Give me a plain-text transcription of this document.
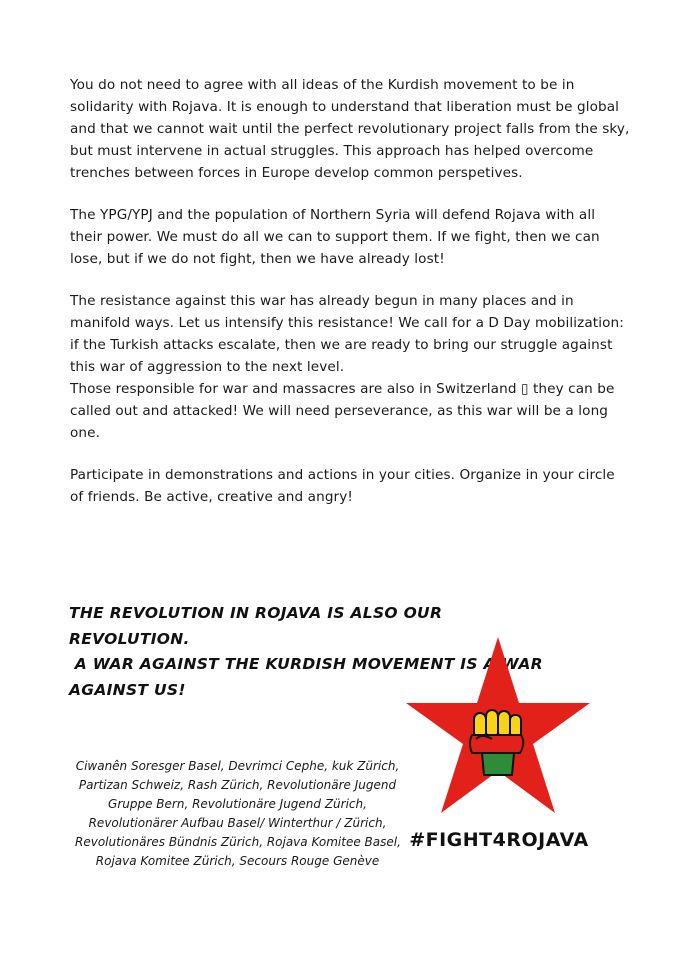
You do not need to agree with all ideas of the Kurdish movement to be in solidarity with Rojava. It is enough to understand that liberation must be global and that we cannot wait until the perfect revolutionary project falls from the sky, but must intervene in actual struggles. This approach has helped overcome trenches between forces in Europe develop common perspetives.

The YPG/YPJ and the population of Northern Syria will defend Rojava with all their power. We must do all we can to support them. If we fight, then we can lose, but if we do not fight, then we have already lost!

The resistance against this war has already begun in many places and in manifold ways. Let us intensify this resistance! We call for a D Day mobilization: if the Turkish attacks escalate, then we are ready to bring our struggle against this war of aggression to the next level.

Those responsible for war and massacres are also in Switzerland ▯ they can be called out and attacked! We will need perseverance, as this war will be a long one.

Participate in demonstrations and actions in your cities. Organize in your circle of friends. Be active, creative and angry!

THE REVOLUTION IN ROJAVA IS ALSO OUR
REVOLUTION.
A WAR AGAINST THE KURDISH MOVEMENT IS A WAR
AGAINST US!
Ciwanên Soresger Basel, Devrimci Cephe, kuk Zürich,
Partizan Schweiz, Rash Zürich, Revolutionäre Jugend
Gruppe Bern, Revolutionäre Jugend Zürich,
Revolutionärer Aufbau Basel/ Winterthur / Zürich,
Revolutionäres Bündnis Zürich, Rojava Komitee Basel,
Rojava Komitee Zürich, Secours Rouge Genève
#FIGHT4ROJAVA
